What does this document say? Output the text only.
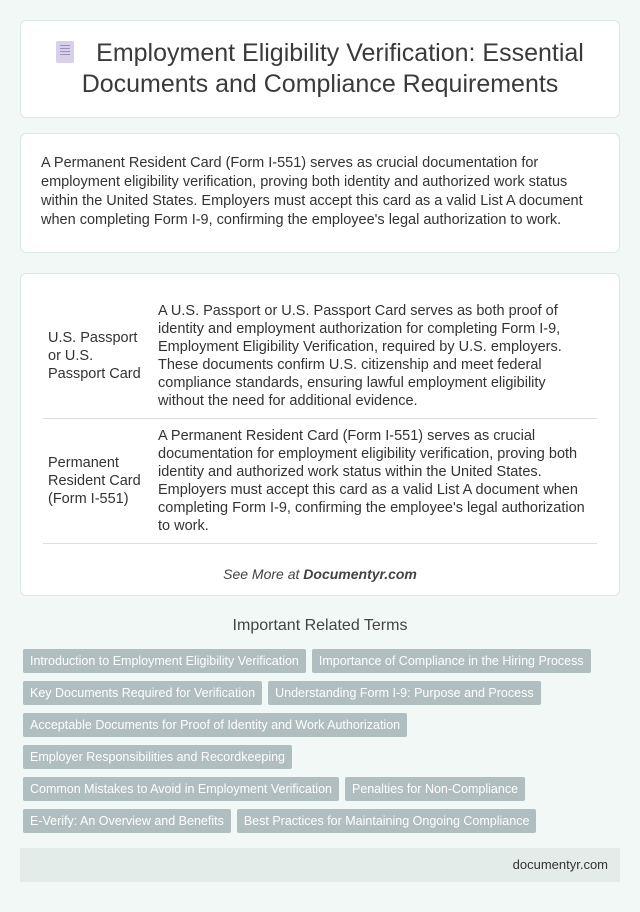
Employment Eligibility Verification: Essential Documents and Compliance Requirements

A Permanent Resident Card (Form I-551) serves as crucial documentation for employment eligibility verification, proving both identity and authorized work status within the United States. Employers must accept this card as a valid List A document when completing Form I-9, confirming the employee's legal authorization to work.

U.S. Passport or U.S. Passport Card	A U.S. Passport or U.S. Passport Card serves as both proof of identity and employment authorization for completing Form I-9, Employment Eligibility Verification, required by U.S. employers. These documents confirm U.S. citizenship and meet federal compliance standards, ensuring lawful employment eligibility without the need for additional evidence.
Permanent Resident Card (Form I-551)	A Permanent Resident Card (Form I-551) serves as crucial documentation for employment eligibility verification, proving both identity and authorized work status within the United States. Employers must accept this card as a valid List A document when completing Form I-9, confirming the employee's legal authorization to work.
See More at Documentyr.com
Important Related Terms
Introduction to Employment Eligibility Verification	Importance of Compliance in the Hiring Process
Key Documents Required for Verification	Understanding Form I-9: Purpose and Process
Acceptable Documents for Proof of Identity and Work Authorization
Employer Responsibilities and Recordkeeping
Common Mistakes to Avoid in Employment Verification	Penalties for Non-Compliance
E-Verify: An Overview and Benefits	Best Practices for Maintaining Ongoing Compliance
documentyr.com
